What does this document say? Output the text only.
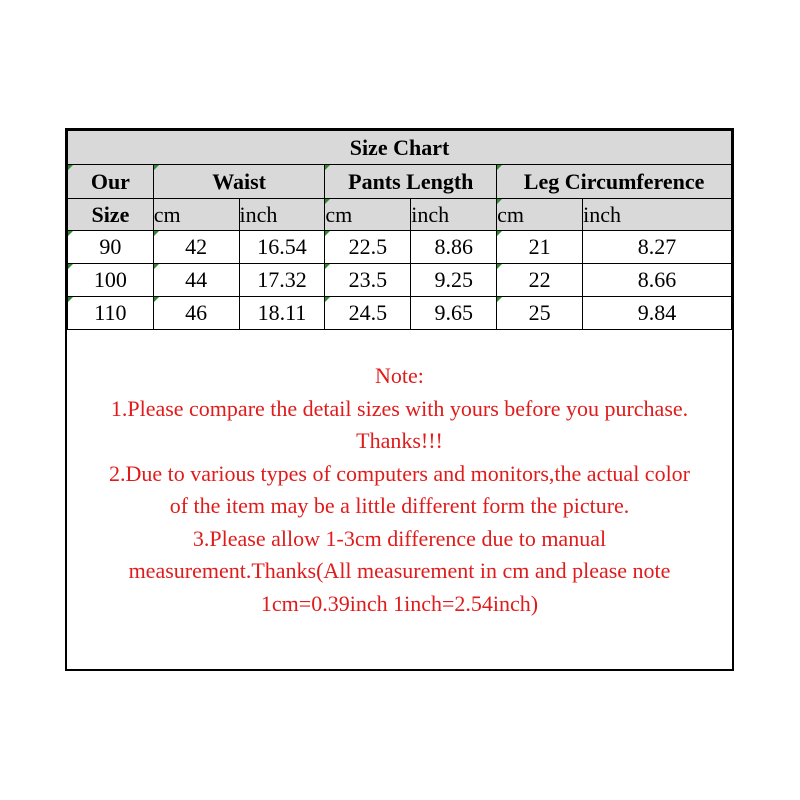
Size Chart						
Our	Waist		Pants Length		Leg Circumference	
Size	cm	inch	cm	inch	cm	inch
90	42	16.54	22.5	8.86	21	8.27
100	44	17.32	23.5	9.25	22	8.66
110	46	18.11	24.5	9.65	25	9.84
Note:
1.Please compare the detail sizes with yours before you purchase.
Thanks!!!
2.Due to various types of computers and monitors,the actual color
of the item may be a little different form the picture.
3.Please allow 1-3cm difference due to manual
measurement.Thanks(All measurement in cm and please note
1cm=0.39inch 1inch=2.54inch)
